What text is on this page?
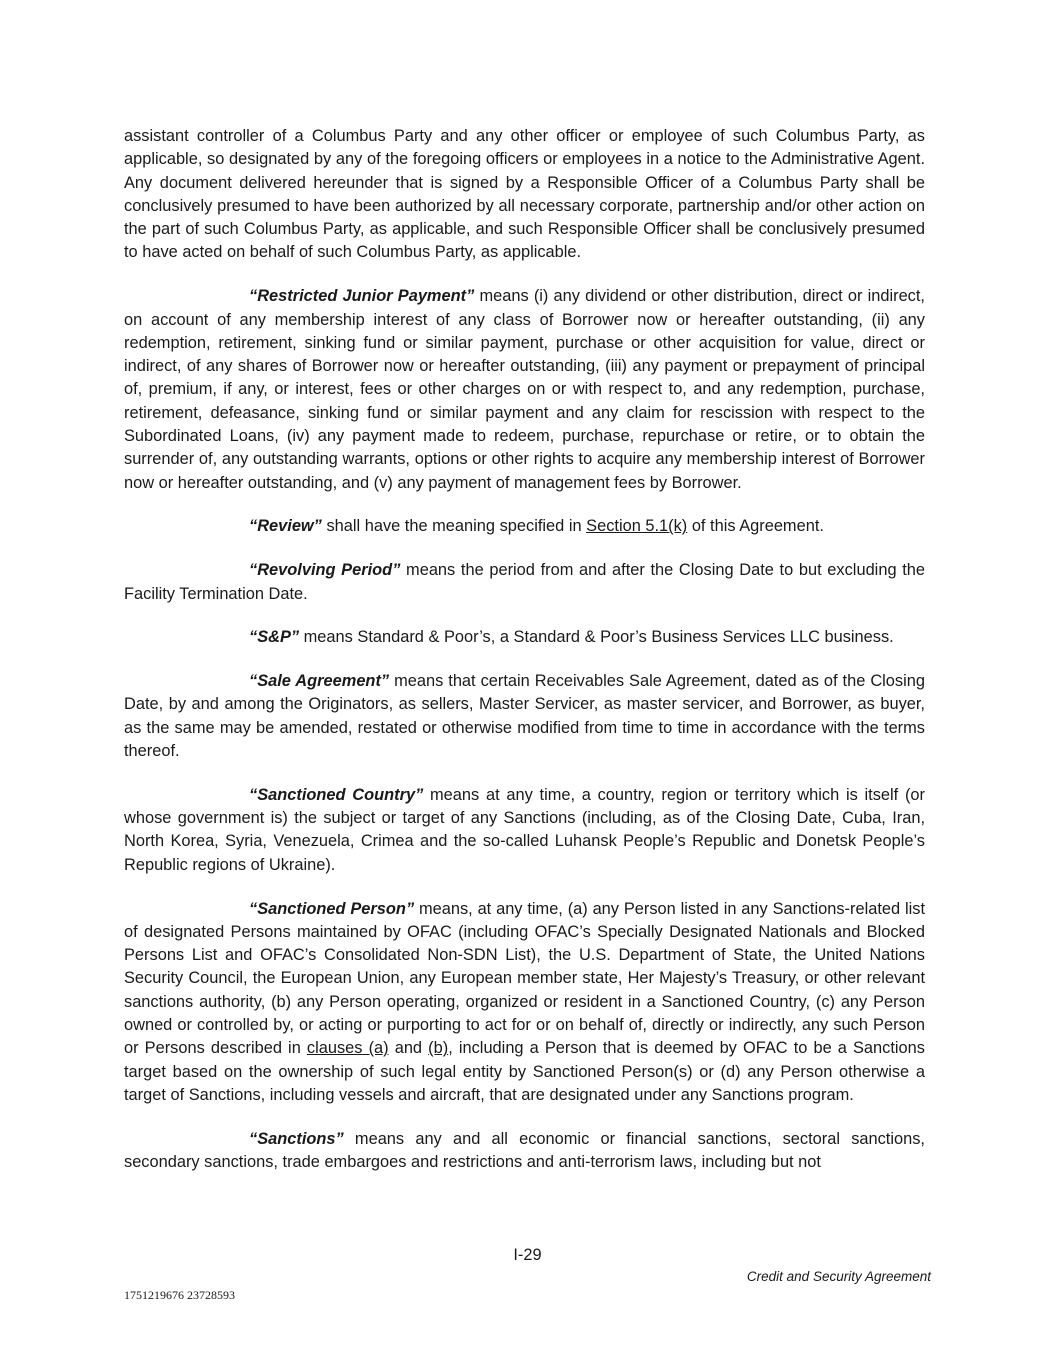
assistant controller of a Columbus Party and any other officer or employee of such Columbus Party, as applicable, so designated by any of the foregoing officers or employees in a notice to the Administrative Agent. Any document delivered hereunder that is signed by a Responsible Officer of a Columbus Party shall be conclusively presumed to have been authorized by all necessary corporate, partnership and/or other action on the part of such Columbus Party, as applicable, and such Responsible Officer shall be conclusively presumed to have acted on behalf of such Columbus Party, as applicable.

“Restricted Junior Payment” means (i) any dividend or other distribution, direct or indirect, on account of any membership interest of any class of Borrower now or hereafter outstanding, (ii) any redemption, retirement, sinking fund or similar payment, purchase or other acquisition for value, direct or indirect, of any shares of Borrower now or hereafter outstanding, (iii) any payment or prepayment of principal of, premium, if any, or interest, fees or other charges on or with respect to, and any redemption, purchase, retirement, defeasance, sinking fund or similar payment and any claim for rescission with respect to the Subordinated Loans, (iv) any payment made to redeem, purchase, repurchase or retire, or to obtain the surrender of, any outstanding warrants, options or other rights to acquire any membership interest of Borrower now or hereafter outstanding, and (v) any payment of management fees by Borrower.

“Review” shall have the meaning specified in Section 5.1(k) of this Agreement.

“Revolving Period” means the period from and after the Closing Date to but excluding the Facility Termination Date.

“S&P” means Standard & Poor’s, a Standard & Poor’s Business Services LLC business.

“Sale Agreement” means that certain Receivables Sale Agreement, dated as of the Closing Date, by and among the Originators, as sellers, Master Servicer, as master servicer, and Borrower, as buyer, as the same may be amended, restated or otherwise modified from time to time in accordance with the terms thereof.

“Sanctioned Country” means at any time, a country, region or territory which is itself (or whose government is) the subject or target of any Sanctions (including, as of the Closing Date, Cuba, Iran, North Korea, Syria, Venezuela, Crimea and the so-called Luhansk People’s Republic and Donetsk People’s Republic regions of Ukraine).

“Sanctioned Person” means, at any time, (a) any Person listed in any Sanctions-related list of designated Persons maintained by OFAC (including OFAC’s Specially Designated Nationals and Blocked Persons List and OFAC’s Consolidated Non-SDN List), the U.S. Department of State, the United Nations Security Council, the European Union, any European member state, Her Majesty’s Treasury, or other relevant sanctions authority, (b) any Person operating, organized or resident in a Sanctioned Country, (c) any Person owned or controlled by, or acting or purporting to act for or on behalf of, directly or indirectly, any such Person or Persons described in clauses (a) and (b), including a Person that is deemed by OFAC to be a Sanctions target based on the ownership of such legal entity by Sanctioned Person(s) or (d) any Person otherwise a target of Sanctions, including vessels and aircraft, that are designated under any Sanctions program.

“Sanctions” means any and all economic or financial sanctions, sectoral sanctions, secondary sanctions, trade embargoes and restrictions and anti-terrorism laws, including but not

I-29
Credit and Security Agreement
1751219676 23728593
